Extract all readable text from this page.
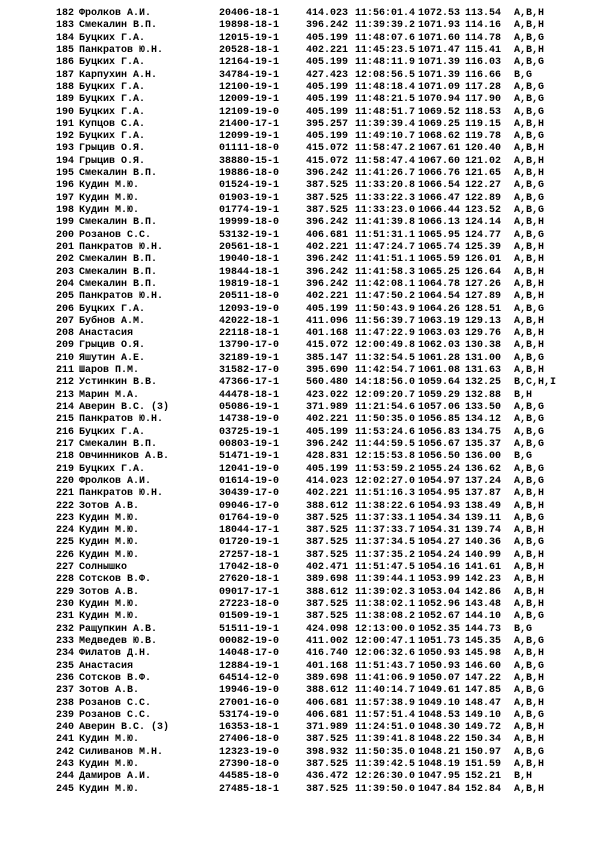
182 Фролков А.И.	20406-18-1	414.023 11:56:01.4 1072.53 113.54 A,B,H
183 Смекалин В.П.	19898-18-1	396.242 11:39:39.2 1071.93 114.16 A,B,H
184 Буцких Г.А.	12015-19-1	405.199 11:48:07.6 1071.60 114.78 A,B,G
185 Панкратов Ю.Н.	20528-18-1	402.221 11:45:23.5 1071.47 115.41 A,B,H
186 Буцких Г.А.	12164-19-1	405.199 11:48:11.9 1071.39 116.03 A,B,G
187 Карпухин А.Н.	34784-19-1	427.423 12:08:56.5 1071.39 116.66 B,G
188 Буцких Г.А.	12100-19-1	405.199 11:48:18.4 1071.09 117.28 A,B,G
189 Буцких Г.А.	12009-19-1	405.199 11:48:21.5 1070.94 117.90 A,B,G
190 Буцких Г.А.	12109-19-0	405.199 11:48:51.7 1069.52 118.53 A,B,G
191 Купцов С.А.	21400-17-1	395.257 11:39:39.4 1069.25 119.15 A,B,H
192 Буцких Г.А.	12099-19-1	405.199 11:49:10.7 1068.62 119.78 A,B,G
193 Грыцив О.Я.	01111-18-0	415.072 11:58:47.2 1067.61 120.40 A,B,H
194 Грыцив О.Я.	38880-15-1	415.072 11:58:47.4 1067.60 121.02 A,B,H
195 Смекалин В.П.	19886-18-0	396.242 11:41:26.7 1066.76 121.65 A,B,H
196 Кудин М.Ю.	01524-19-1	387.525 11:33:20.8 1066.54 122.27 A,B,G
197 Кудин М.Ю.	01903-19-1	387.525 11:33:22.3 1066.47 122.89 A,B,G
198 Кудин М.Ю.	01774-19-1	387.525 11:33:23.0 1066.44 123.52 A,B,G
199 Смекалин В.П.	19999-18-0	396.242 11:41:39.8 1066.13 124.14 A,B,H
200 Розанов С.С.	53132-19-1	406.681 11:51:31.1 1065.95 124.77 A,B,G
201 Панкратов Ю.Н.	20561-18-1	402.221 11:47:24.7 1065.74 125.39 A,B,H
202 Смекалин В.П.	19040-18-1	396.242 11:41:51.1 1065.59 126.01 A,B,H
203 Смекалин В.П.	19844-18-1	396.242 11:41:58.3 1065.25 126.64 A,B,H
204 Смекалин В.П.	19819-18-1	396.242 11:42:08.1 1064.78 127.26 A,B,H
205 Панкратов Ю.Н.	20511-18-0	402.221 11:47:50.2 1064.54 127.89 A,B,H
206 Буцких Г.А.	12093-19-0	405.199 11:50:43.9 1064.26 128.51 A,B,G
207 Бубнов А.М.	42022-18-1	411.096 11:56:39.7 1063.19 129.13 A,B,H
208 Анастасия	22118-18-1	401.168 11:47:22.9 1063.03 129.76 A,B,H
209 Грыцив О.Я.	13790-17-0	415.072 12:00:49.8 1062.03 130.38 A,B,H
210 Яшутин А.Е.	32189-19-1	385.147 11:32:54.5 1061.28 131.00 A,B,G
211 Шаров П.М.	31582-17-0	395.690 11:42:54.7 1061.08 131.63 A,B,H
212 Устинкин В.В.	47366-17-1	560.480 14:18:56.0 1059.64 132.25 B,C,H,I
213 Марин М.А.	44478-18-1	423.022 12:09:20.7 1059.29 132.88 B,H
214 Аверин В.С. (3)	05086-19-1	371.989 11:21:54.6 1057.06 133.50 A,B,G
215 Панкратов Ю.Н.	14738-19-0	402.221 11:50:35.0 1056.85 134.12 A,B,G
216 Буцких Г.А.	03725-19-1	405.199 11:53:24.6 1056.83 134.75 A,B,G
217 Смекалин В.П.	00803-19-1	396.242 11:44:59.5 1056.67 135.37 A,B,G
218 Овчинников А.В.	51471-19-1	428.831 12:15:53.8 1056.50 136.00 B,G
219 Буцких Г.А.	12041-19-0	405.199 11:53:59.2 1055.24 136.62 A,B,G
220 Фролков А.И.	01614-19-0	414.023 12:02:27.0 1054.97 137.24 A,B,G
221 Панкратов Ю.Н.	30439-17-0	402.221 11:51:16.3 1054.95 137.87 A,B,H
222 Зотов А.В.	09046-17-0	388.612 11:38:22.6 1054.93 138.49 A,B,H
223 Кудин М.Ю.	01764-19-0	387.525 11:37:33.1 1054.34 139.11 A,B,G
224 Кудин М.Ю.	18044-17-1	387.525 11:37:33.7 1054.31 139.74 A,B,H
225 Кудин М.Ю.	01720-19-1	387.525 11:37:34.5 1054.27 140.36 A,B,G
226 Кудин М.Ю.	27257-18-1	387.525 11:37:35.2 1054.24 140.99 A,B,H
227 Солнышко	17042-18-0	402.471 11:51:47.5 1054.16 141.61 A,B,H
228 Сотсков В.Ф.	27620-18-1	389.698 11:39:44.1 1053.99 142.23 A,B,H
229 Зотов А.В.	09017-17-1	388.612 11:39:02.3 1053.04 142.86 A,B,H
230 Кудин М.Ю.	27223-18-0	387.525 11:38:02.1 1052.96 143.48 A,B,H
231 Кудин М.Ю.	01509-19-1	387.525 11:38:08.2 1052.67 144.10 A,B,G
232 Ращупкин А.В.	51511-19-1	424.098 12:13:00.0 1052.35 144.73 B,G
233 Медведев Ю.В.	00082-19-0	411.002 12:00:47.1 1051.73 145.35 A,B,G
234 Филатов Д.Н.	14048-17-0	416.740 12:06:32.6 1050.93 145.98 A,B,H
235 Анастасия	12884-19-1	401.168 11:51:43.7 1050.93 146.60 A,B,G
236 Сотсков В.Ф.	64514-12-0	389.698 11:41:06.9 1050.07 147.22 A,B,H
237 Зотов А.В.	19946-19-0	388.612 11:40:14.7 1049.61 147.85 A,B,G
238 Розанов С.С.	27001-16-0	406.681 11:57:38.9 1049.10 148.47 A,B,H
239 Розанов С.С.	53174-19-0	406.681 11:57:51.4 1048.53 149.10 A,B,G
240 Аверин В.С. (3)	16353-18-1	371.989 11:24:51.0 1048.30 149.72 A,B,H
241 Кудин М.Ю.	27406-18-0	387.525 11:39:41.8 1048.22 150.34 A,B,H
242 Силиванов М.Н.	12323-19-0	398.932 11:50:35.0 1048.21 150.97 A,B,G
243 Кудин М.Ю.	27390-18-0	387.525 11:39:42.5 1048.19 151.59 A,B,H
244 Дамиров А.И.	44585-18-0	436.472 12:26:30.0 1047.95 152.21 B,H
245 Кудин М.Ю.	27485-18-1	387.525 11:39:50.0 1047.84 152.84 A,B,H
